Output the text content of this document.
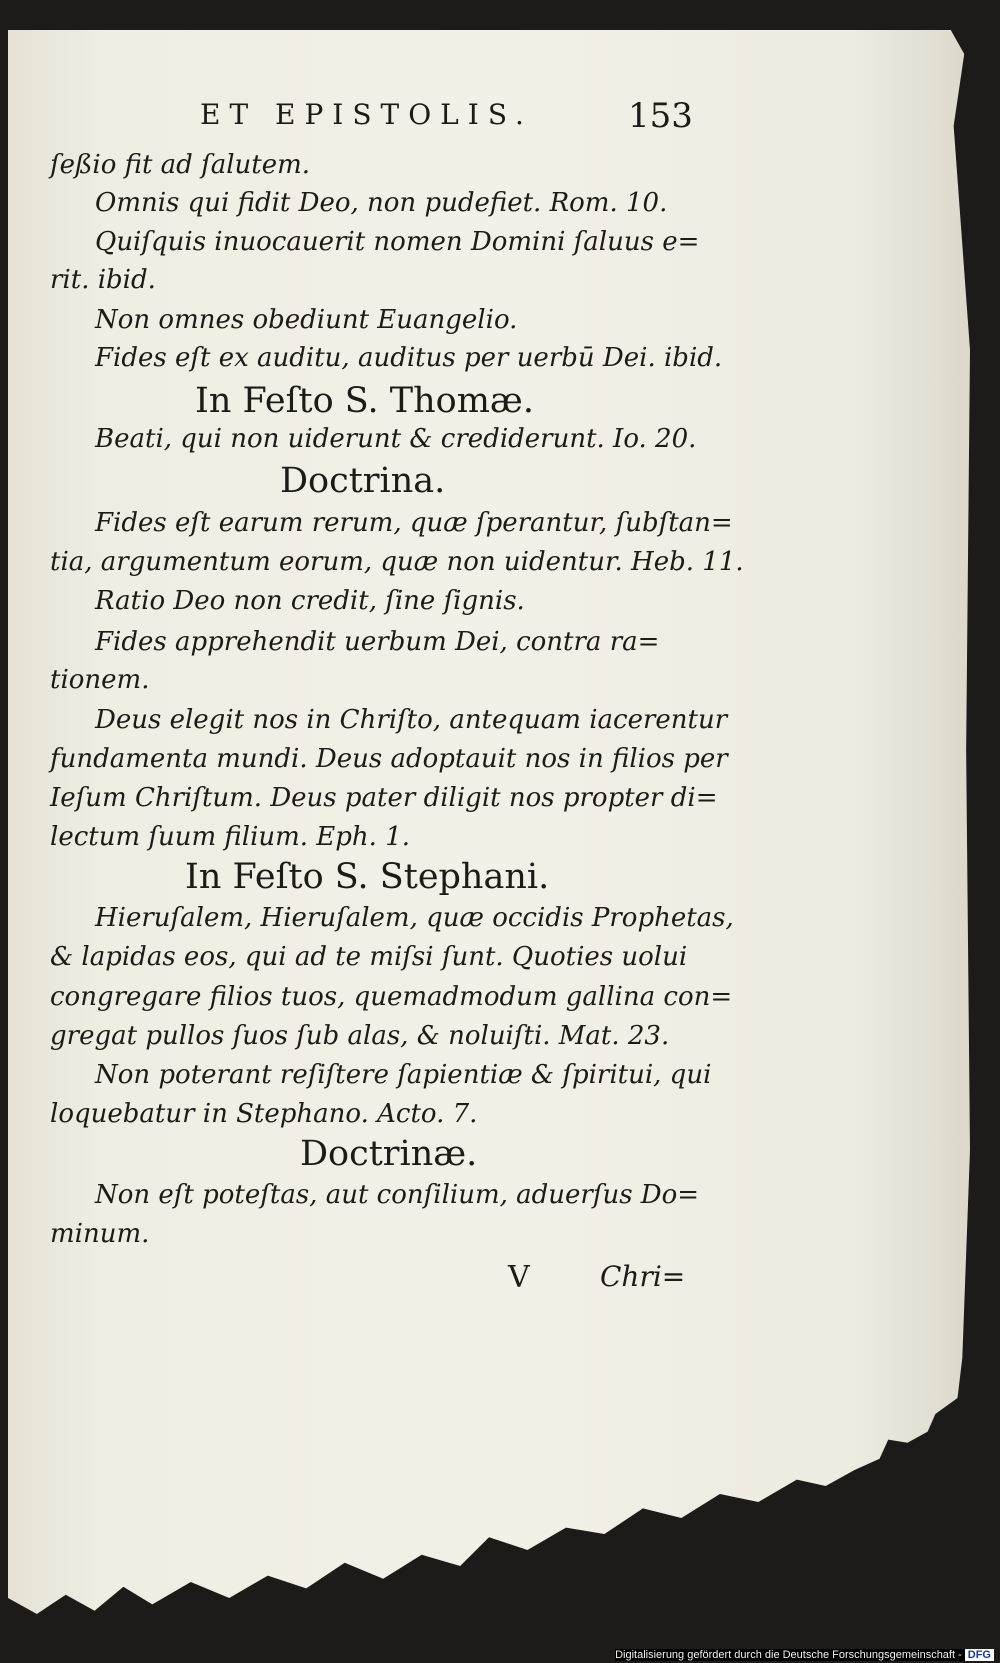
ET EPISTOLIS.	153
ſeßio fit ad ſalutem.
Omnis qui fidit Deo, non pudefiet. Rom. 10.
Quiſquis inuocauerit nomen Domini ſaluus e=
rit. ibid.
Non omnes obediunt Euangelio.
Fides eſt ex auditu, auditus per uerbū Dei. ibid.
In Feſto S. Thomæ.
Beati, qui non uiderunt & crediderunt. Io. 20.
Doctrina.
Fides eſt earum rerum, quæ ſperantur, ſubſtan=
tia, argumentum eorum, quæ non uidentur. Heb. 11.
Ratio Deo non credit, ſine ſignis.
Fides apprehendit uerbum Dei, contra ra=
tionem.
Deus elegit nos in Chriſto, antequam iacerentur
fundamenta mundi. Deus adoptauit nos in filios per
Ieſum Chriſtum. Deus pater diligit nos propter di=
lectum ſuum filium. Eph. 1.
In Feſto S. Stephani.
Hieruſalem, Hieruſalem, quæ occidis Prophetas,
& lapidas eos, qui ad te miſsi ſunt. Quoties uolui
congregare filios tuos, quemadmodum gallina con=
gregat pullos ſuos ſub alas, & noluiſti. Mat. 23.
Non poterant reſiſtere ſapientiæ & ſpiritui, qui
loquebatur in Stephano. Acto. 7.
Doctrinæ.
Non eſt poteſtas, aut conſilium, aduerſus Do=
minum.
V	Chri=
Digitalisierung gefördert durch die Deutsche Forschungsgemeinschaft - DFG
